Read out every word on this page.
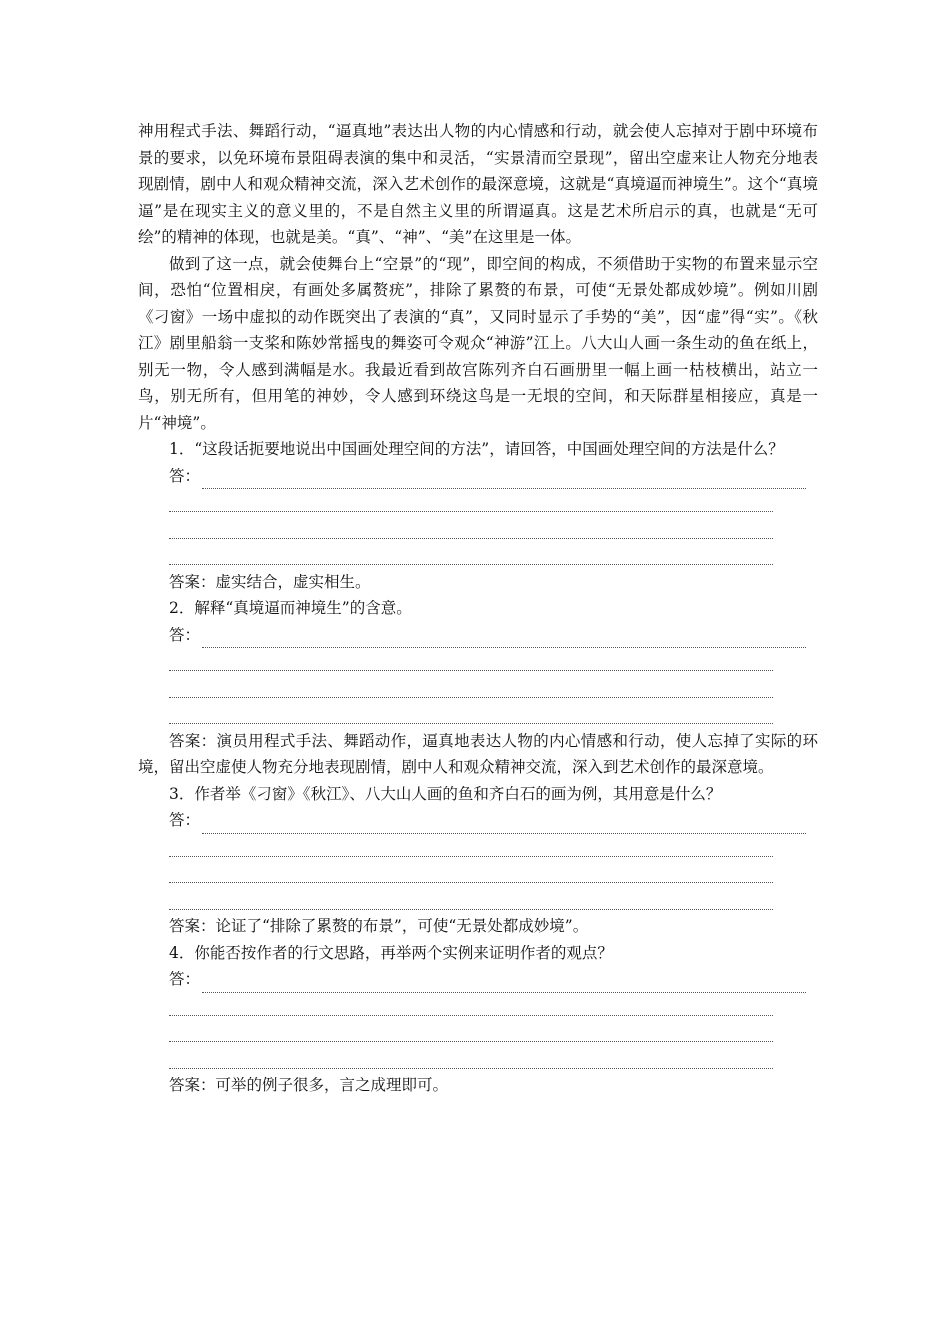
神用程式手法、舞蹈行动，“逼真地”表达出人物的内心情感和行动，就会使人忘掉对于剧中环境布景的要求，以免环境布景阻碍表演的集中和灵活，“实景清而空景现”，留出空虚来让人物充分地表现剧情，剧中人和观众精神交流，深入艺术创作的最深意境，这就是“真境逼而神境生”。这个“真境逼”是在现实主义的意义里的，不是自然主义里的所谓逼真。这是艺术所启示的真，也就是“无可绘”的精神的体现，也就是美。“真”、“神”、“美”在这里是一体。

做到了这一点，就会使舞台上“空景”的“现”，即空间的构成，不须借助于实物的布置来显示空间，恐怕“位置相戾，有画处多属赘疣”，排除了累赘的布景，可使“无景处都成妙境”。例如川剧《刁窗》一场中虚拟的动作既突出了表演的“真”，又同时显示了手势的“美”，因“虚”得“实”。《秋江》剧里船翁一支桨和陈妙常摇曳的舞姿可令观众“神游”江上。八大山人画一条生动的鱼在纸上，别无一物，令人感到满幅是水。我最近看到故宫陈列齐白石画册里一幅上画一枯枝横出，站立一鸟，别无所有，但用笔的神妙，令人感到环绕这鸟是一无垠的空间，和天际群星相接应，真是一片“神境”。

1．“这段话扼要地说出中国画处理空间的方法”，请回答，中国画处理空间的方法是什么？

答：
答案：虚实结合，虚实相生。

2．解释“真境逼而神境生”的含意。

答：
答案：演员用程式手法、舞蹈动作，逼真地表达人物的内心情感和行动，使人忘掉了实际的环境，留出空虚使人物充分地表现剧情，剧中人和观众精神交流，深入到艺术创作的最深意境。

3．作者举《刁窗》《秋江》、八大山人画的鱼和齐白石的画为例，其用意是什么？

答：
答案：论证了“排除了累赘的布景”，可使“无景处都成妙境”。

4．你能否按作者的行文思路，再举两个实例来证明作者的观点？

答：
答案：可举的例子很多，言之成理即可。
